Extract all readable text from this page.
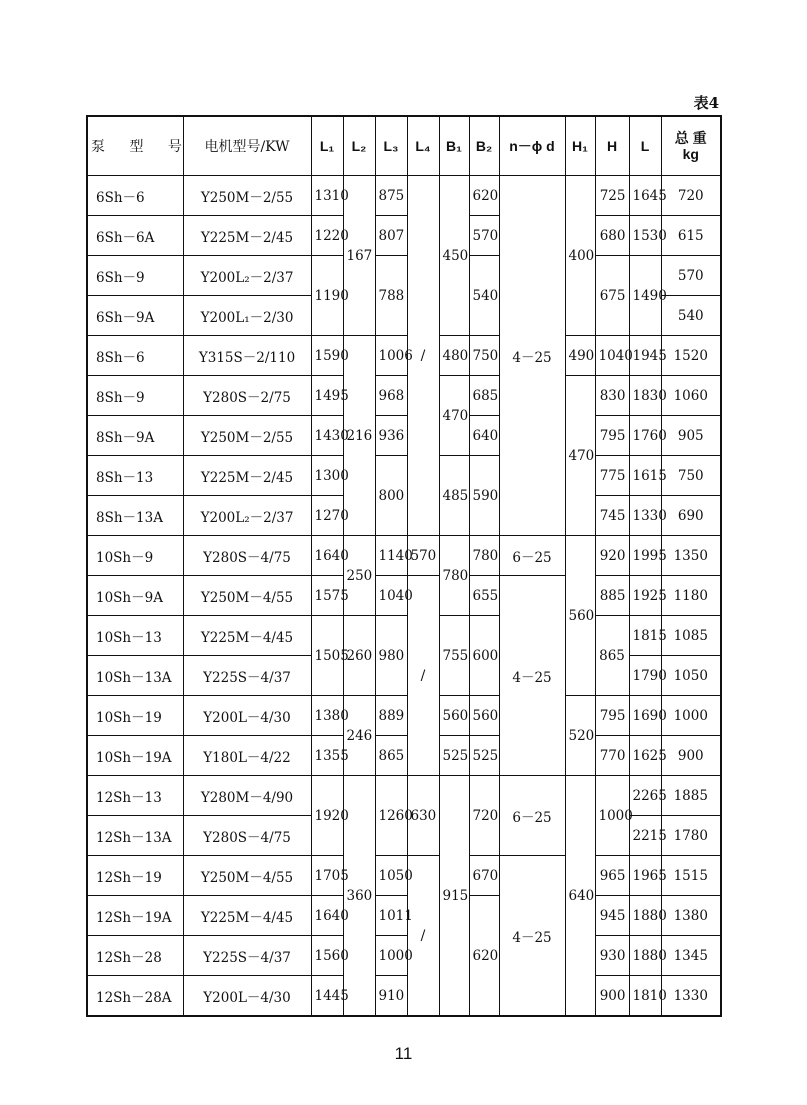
表4
泵 型 号	电机型号/KW	L₁	L₂	L₃	L₄	B₁	B₂	n－ϕ d	H₁	H	L	总 重
kg

6Sh－6	Y250M－2/55	1310	167	875	/	450	620	4－25	400	725	1645	720
6Sh－6A	Y225M－2/45	1220		807			570			680	1530	615
6Sh－9	Y200L₂－2/37	1190		788			540			675	1490	570
6Sh－9A	Y200L₁－2/30											540
8Sh－6	Y315S－2/110	1590	216	1006		480	750		490	1040	1945	1520
8Sh－9	Y280S－2/75	1495		968		470	685		470	830	1830	1060
8Sh－9A	Y250M－2/55	1430		936			640			795	1760	905
8Sh－13	Y225M－2/45	1300		800		485	590			775	1615	750
8Sh－13A	Y200L₂－2/37	1270								745	1330	690
10Sh－9	Y280S－4/75	1640	250	1140	570	780	780	6－25	560	920	1995	1350
10Sh－9A	Y250M－4/55	1575		1040	/		655	4－25		885	1925	1180
10Sh－13	Y225M－4/45	1505	260	980		755	600			865	1815	1085
10Sh－13A	Y225S－4/37										1790	1050
10Sh－19	Y200L－4/30	1380	246	889		560	560		520	795	1690	1000
10Sh－19A	Y180L－4/22	1355		865		525	525			770	1625	900
12Sh－13	Y280M－4/90	1920	360	1260	630	915	720	6－25	640	1000	2265	1885
12Sh－13A	Y280S－4/75										2215	1780
12Sh－19	Y250M－4/55	1705		1050	/		670	4－25		965	1965	1515
12Sh－19A	Y225M－4/45	1640		1011			620			945	1880	1380
12Sh－28	Y225S－4/37	1560		1000						930	1880	1345
12Sh－28A	Y200L－4/30	1445		910						900	1810	1330
11
